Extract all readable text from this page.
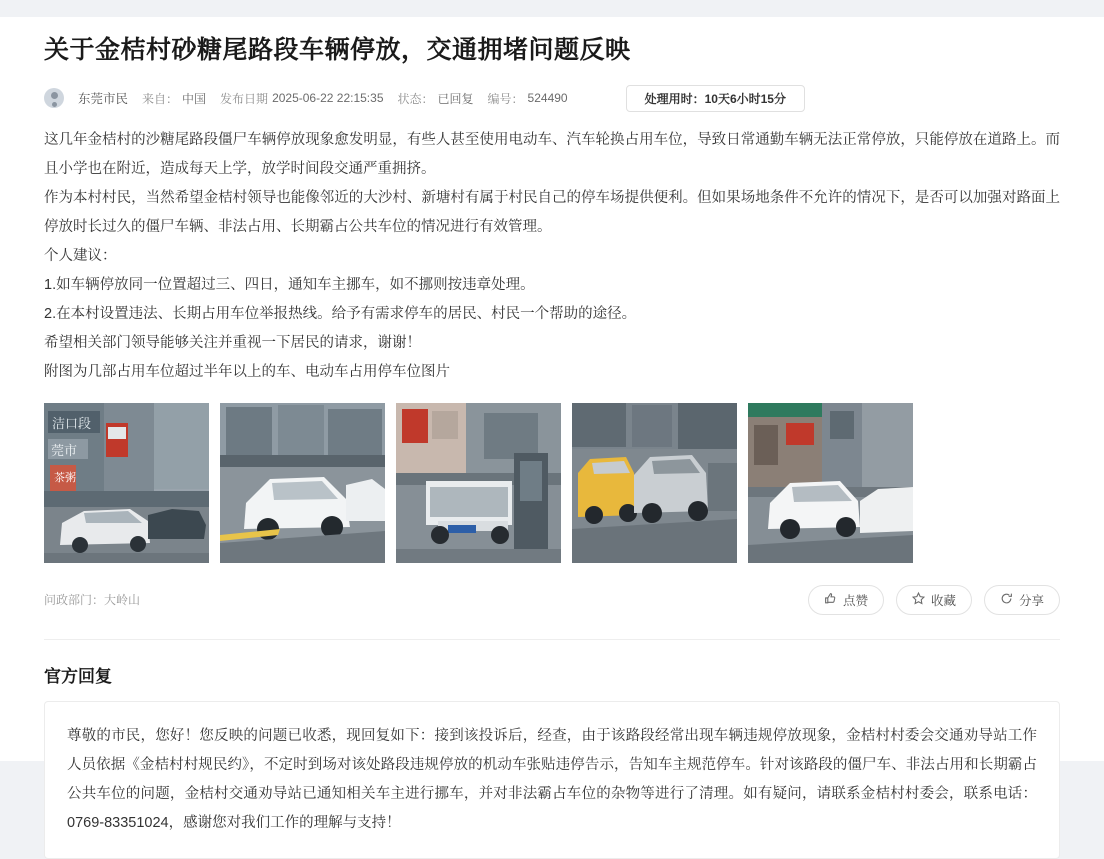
关于金桔村砂糖尾路段车辆停放，交通拥堵问题反映
东莞市民 来自： 中国 发布日期 2025-06-22 22:15:35 状态： 已回复 编号： 524490	处理用时：10天6小时15分

这几年金桔村的沙糖尾路段僵尸车辆停放现象愈发明显，有些人甚至使用电动车、汽车轮换占用车位，导致日常通勤车辆无法正常停放，只能停放在道路上。而且小学也在附近，造成每天上学，放学时间段交通严重拥挤。

作为本村村民，当然希望金桔村领导也能像邻近的大沙村、新塘村有属于村民自己的停车场提供便利。但如果场地条件不允许的情况下，是否可以加强对路面上停放时长过久的僵尸车辆、非法占用、长期霸占公共车位的情况进行有效管理。

个人建议：

1.如车辆停放同一位置超过三、四日，通知车主挪车，如不挪则按违章处理。

2.在本村设置违法、长期占用车位举报热线。给予有需求停车的居民、村民一个帮助的途径。

希望相关部门领导能够关注并重视一下居民的请求，谢谢！

附图为几部占用车位超过半年以上的车、电动车占用停车位图片

洁口段
莞市
茶粥
问政部门： 大岭山	点赞	收藏	分享
官方回复
尊敬的市民，您好！您反映的问题已收悉，现回复如下：接到该投诉后，经查，由于该路段经常出现车辆违规停放现象，金桔村村委会交通劝导站工作人员依据《金桔村村规民约》，不定时到场对该处路段违规停放的机动车张贴违停告示，告知车主规范停车。针对该路段的僵尸车、非法占用和长期霸占公共车位的问题，金桔村交通劝导站已通知相关车主进行挪车，并对非法霸占车位的杂物等进行了清理。如有疑问，请联系金桔村村委会，联系电话：0769-83351024，感谢您对我们工作的理解与支持！
